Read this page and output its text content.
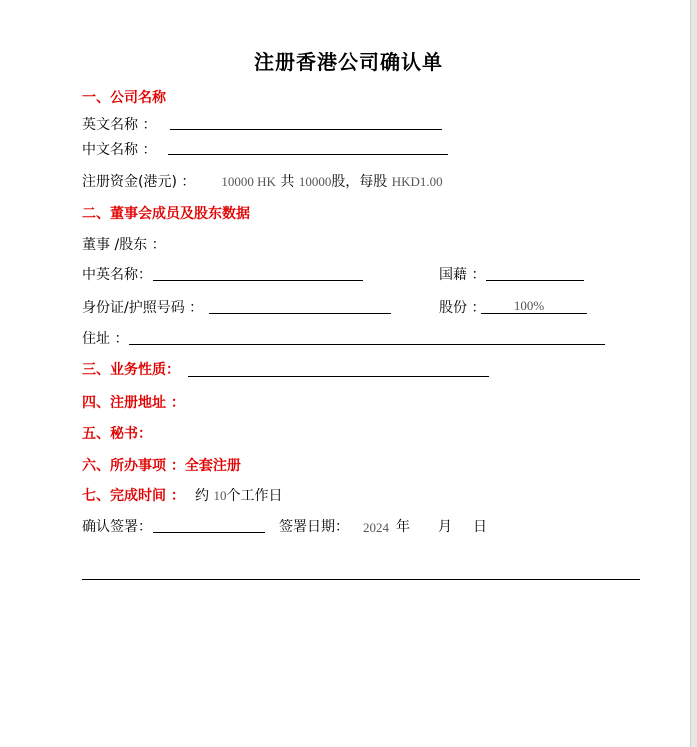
注册香港公司确认单
一、公司名称
英文名称 ：
中文名称 ：
注册资金(港元) ： 10000 HK 共 10000股，每股 HKD1.00
二、董事会成员及股东数据
董事 /股东 ：
中英名称：	国藉 ：
身份证/护照号码 ：	股份 ：	100%
住址 ：
三、业务性质：
四、注册地址 ：
五、秘书：
六、所办事项 ：全套注册
七、完成时间 ： 约 10个工作日
确认签署：	签署日期： 2024 年 月 日
